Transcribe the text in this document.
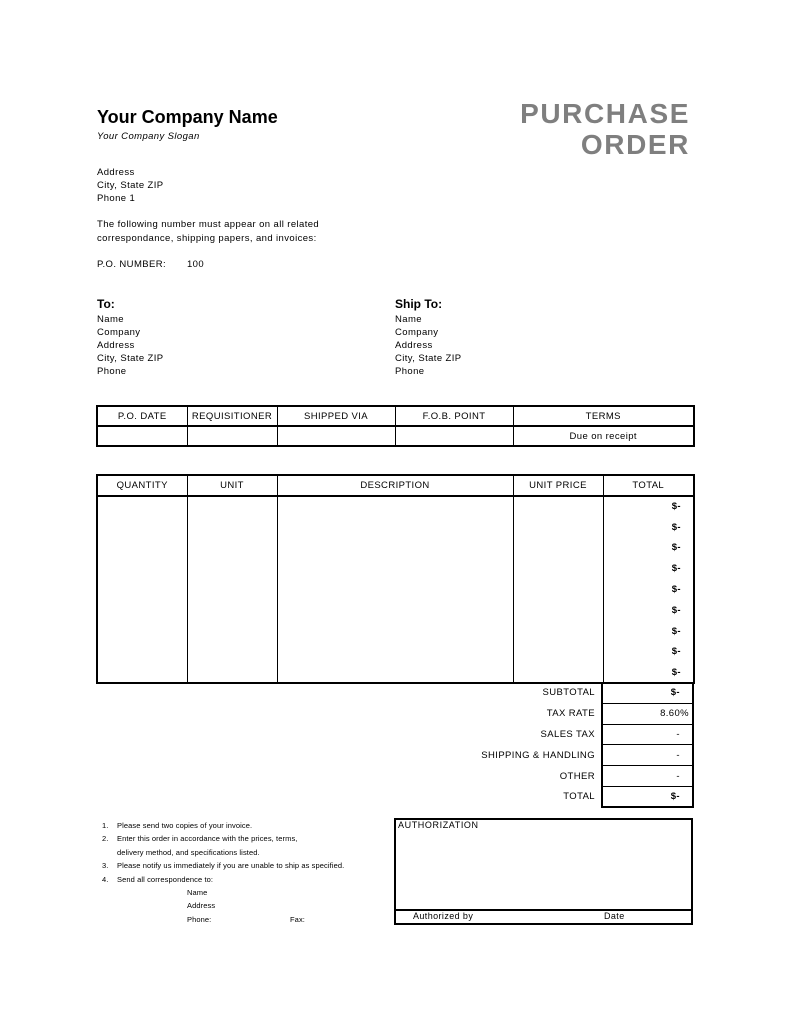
Your Company Name
Your Company Slogan
PURCHASE
ORDER
Address
City, State ZIP
Phone 1
The following number must appear on all related
correspondance, shipping papers, and invoices:
P.O. NUMBER: 100
To:
Name
Company
Address
City, State ZIP
Phone
Ship To:
Name
Company
Address
City, State ZIP
Phone
P.O. DATE	REQUISITIONER	SHIPPED VIA	F.O.B. POINT	TERMS
				Due on receipt
QUANTITY	UNIT	DESCRIPTION	UNIT PRICE	TOTAL
				$-
				$-
				$-
				$-
				$-
				$-
				$-
				$-
				$-
SUBTOTAL	$-
TAX RATE	8.60%
SALES TAX	-
SHIPPING & HANDLING	-
OTHER	-
TOTAL	$-
1. Please send two copies of your invoice.
2. Enter this order in accordance with the prices, terms,
delivery method, and specifications listed.
3. Please notify us immediately if you are unable to ship as specified.
4. Send all correspondence to:
Name
Address
Phone:	Fax:
AUTHORIZATION
Authorized by	Date
